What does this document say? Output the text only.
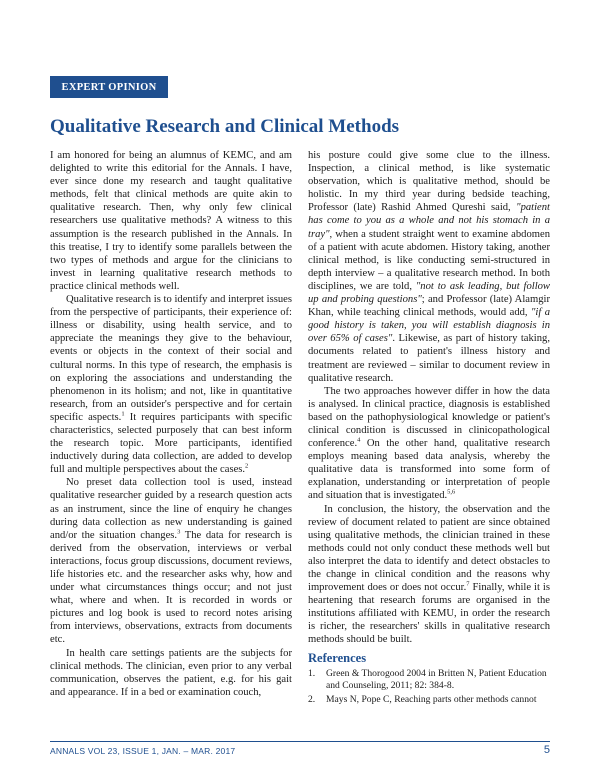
EXPERT OPINION
Qualitative Research and Clinical Methods

I am honored for being an alumnus of KEMC, and am delighted to write this editorial for the Annals. I have, ever since done my research and taught qualitative methods, felt that clinical methods are quite akin to qualitative research. Then, why only few clinical researchers use qualitative methods? A witness to this assumption is the research published in the Annals. In this treatise, I try to identify some parallels between the two types of methods and argue for the clinicians to invest in learning qualitative research methods to practice clinical methods well.

Qualitative research is to identify and interpret issues from the perspective of participants, their experience of: illness or disability, using health service, and to appreciate the meanings they give to the behaviour, events or objects in the context of their social and cultural norms. In this type of research, the emphasis is on exploring the associations and understanding the phenomenon in its holism; and not, like in quantitative research, from an outsider's perspective and for certain specific aspects.$^1$ It requires participants with specific characteristics, selected purposely that can best inform the research topic. More participants, identified inductively during data collection, are added to develop full and multiple perspectives about the cases.$^2$

No preset data collection tool is used, instead qualitative researcher guided by a research question acts as an instrument, since the line of enquiry he changes during data collection as new understanding is gained and/or the situation changes.$^3$ The data for research is derived from the observation, interviews or verbal interactions, focus group discussions, document reviews, life histories etc. and the researcher asks why, how and under what circumstances things occur; and not just what, where and when. It is recorded in words or pictures and log book is used to record notes arising from interviews, observations, extracts from documents etc.

In health care settings patients are the subjects for clinical methods. The clinician, even prior to any verbal communication, observes the patient, e.g. for his gait and appearance. If in a bed or examination couch,

his posture could give some clue to the illness. Inspection, a clinical method, is like systematic observation, which is qualitative method, should be holistic. In my third year during bedside teaching, Professor (late) Rashid Ahmed Qureshi said, "patient has come to you as a whole and not his stomach in a tray", when a student straight went to examine abdomen of a patient with acute abdomen. History taking, another clinical method, is like conducting semi-structured in depth interview – a qualitative research method. In both disciplines, we are told, "not to ask leading, but follow up and probing questions"; and Professor (late) Alamgir Khan, while teaching clinical methods, would add, "if a good history is taken, you will establish diagnosis in over 65% of cases". Likewise, as part of history taking, documents related to patient's illness history and treatment are reviewed – similar to document review in qualitative research.

The two approaches however differ in how the data is analysed. In clinical practice, diagnosis is established based on the pathophysiological knowledge or patient's clinical condition is discussed in clinicopathological conference.$^4$ On the other hand, qualitative research employs meaning based data analysis, whereby the qualitative data is transformed into some form of explanation, understanding or interpretation of people and situation that is investigated.$^{5,6}$

In conclusion, the history, the observation and the review of document related to patient are since obtained using qualitative methods, the clinician trained in these methods could not only conduct these methods well but also interpret the data to identify and detect obstacles to the change in clinical condition and the reasons why improvement does or does not occur.$^7$ Finally, while it is heartening that research forums are organised in the institutions affiliated with KEMU, in order the research is richer, the researchers' skills in qualitative research methods should be built.

References
1.	Green & Thorogood 2004 in Britten N, Patient Education and Counseling, 2011; 82: 384-8.
2.	Mays N, Pope C, Reaching parts other methods cannot
ANNALS VOL 23, ISSUE 1, JAN. – MAR. 2017	5
